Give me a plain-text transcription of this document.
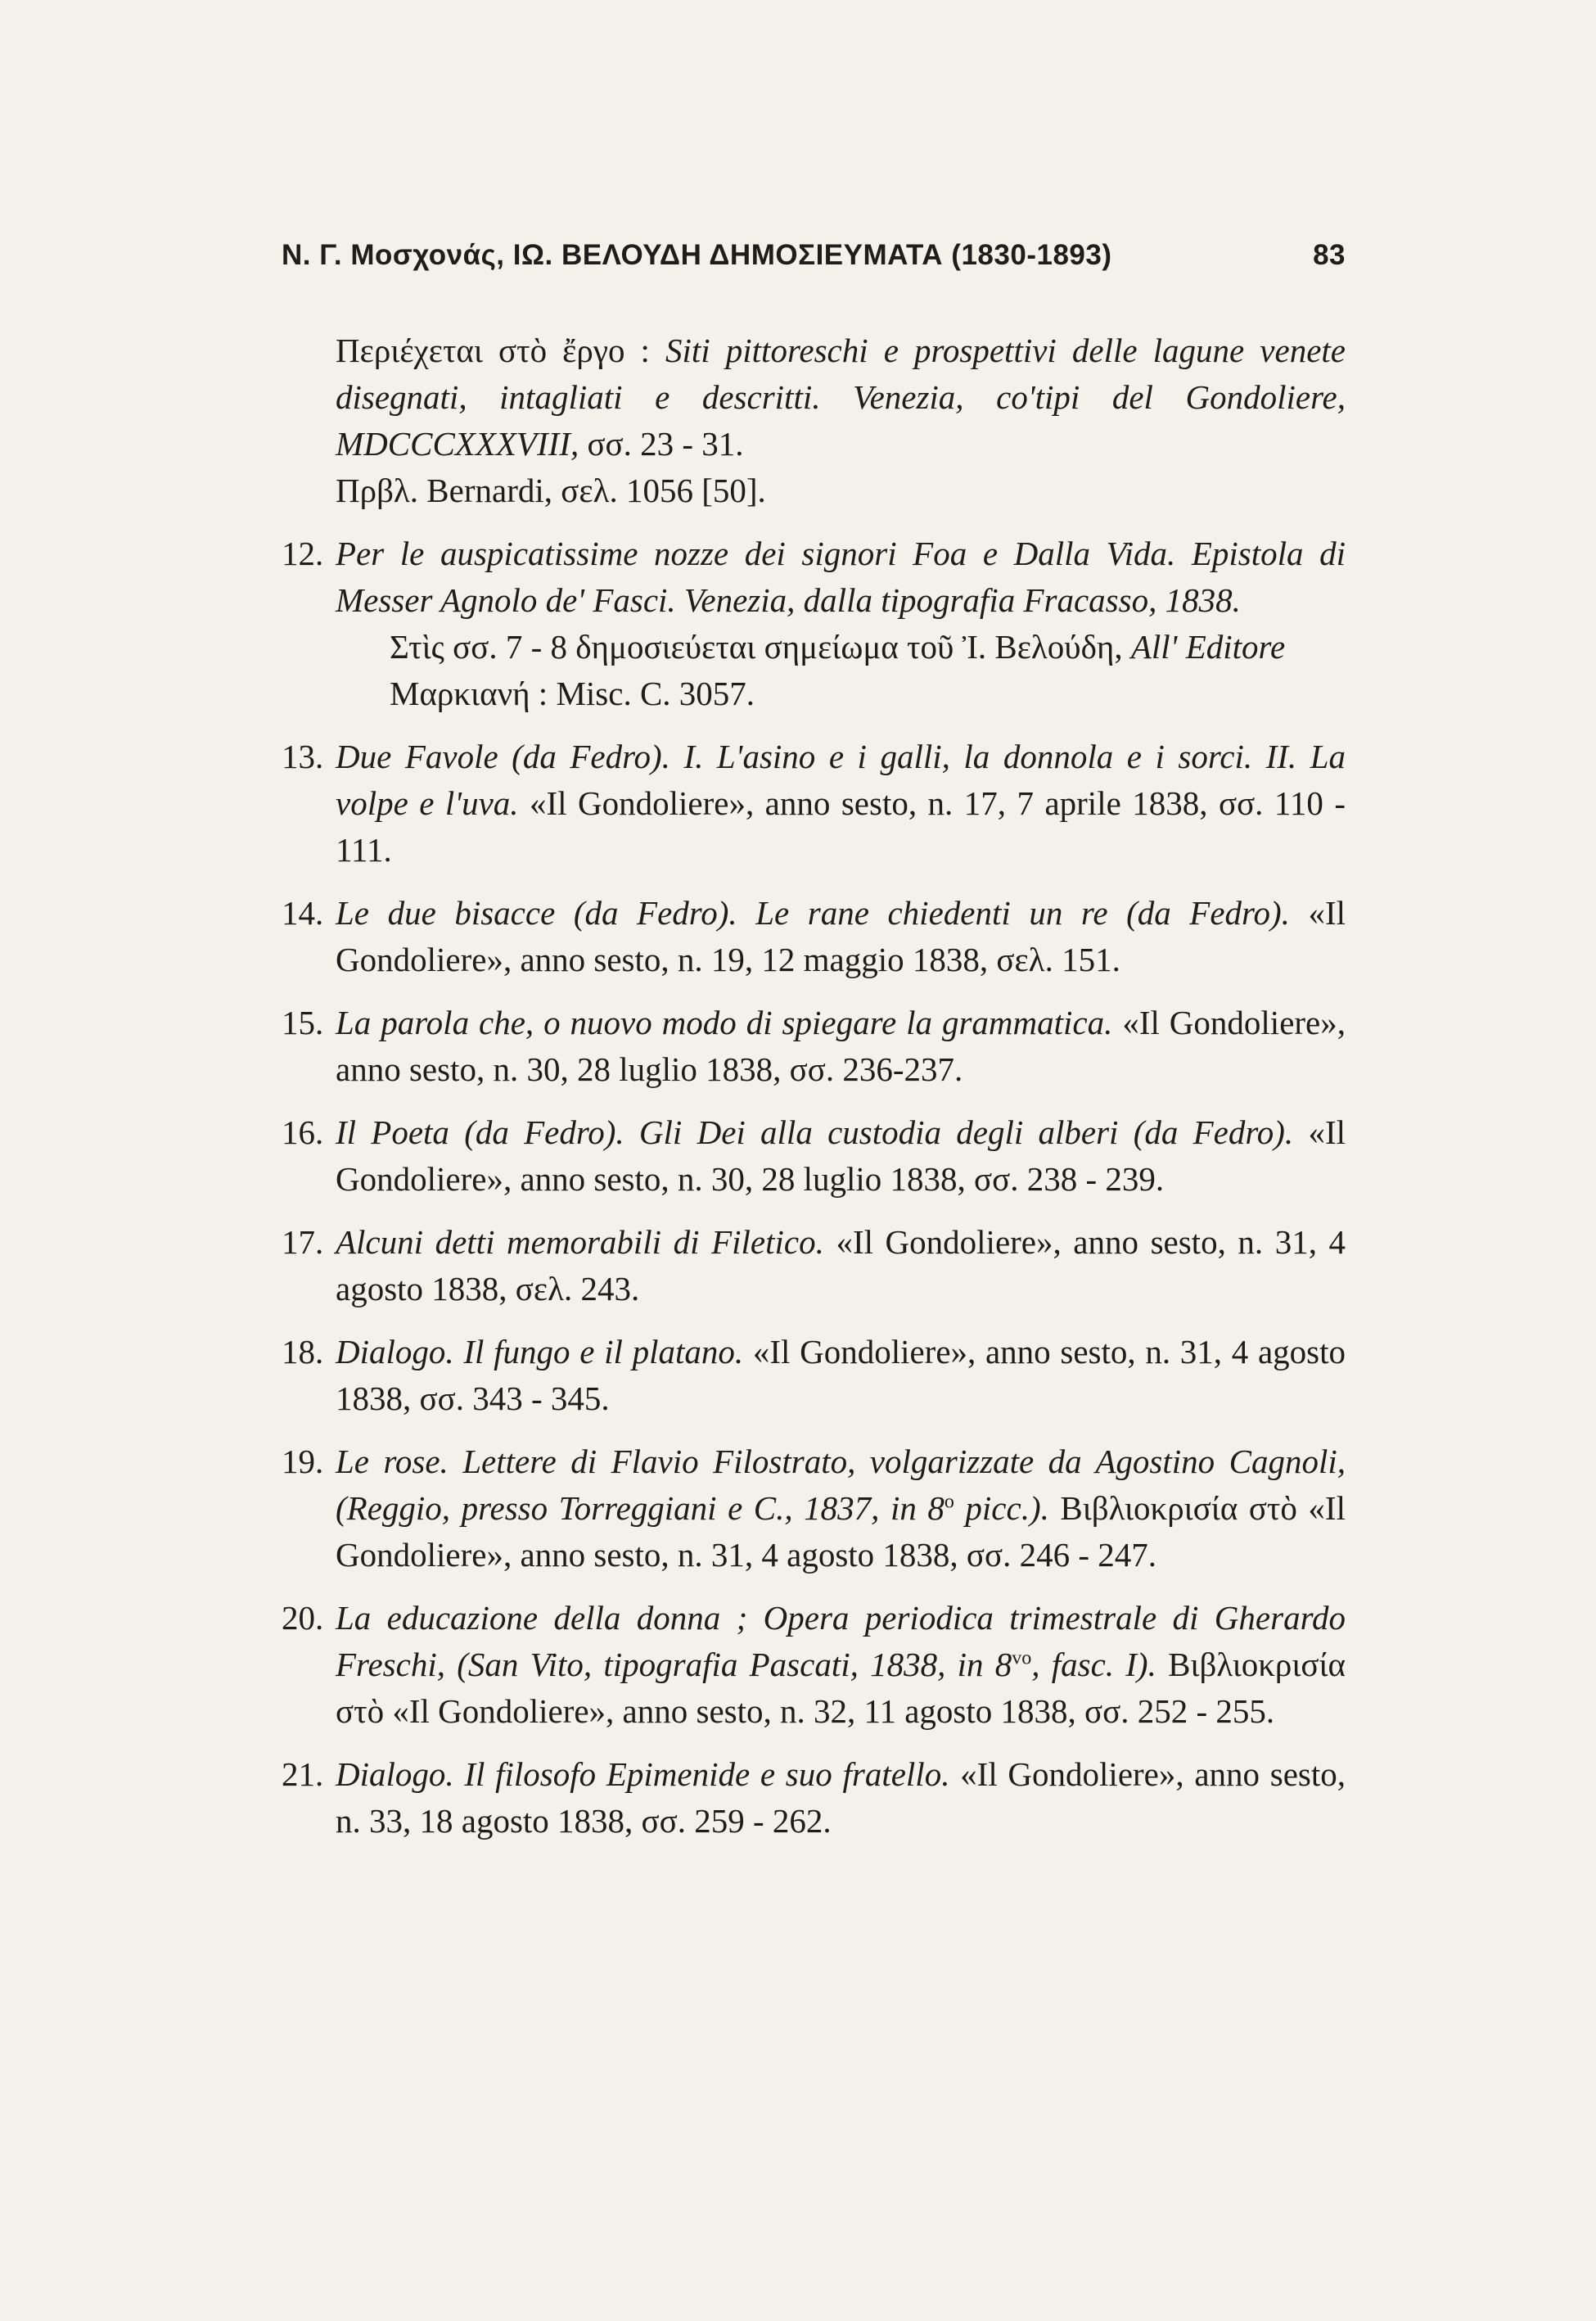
Ν. Γ. Μοσχονάς, ΙΩ. ΒΕΛΟΥΔΗ ΔΗΜΟΣΙΕΥΜΑΤΑ (1830-1893)	83

Περιέχεται στὸ ἔργο : Siti pittoreschi e prospettivi delle lagune venete disegnati, intagliati e descritti. Venezia, co'tipi del Gondoliere, MDCCCXXXVIII, σσ. 23 - 31.

Πρβλ. Bernardi, σελ. 1056 [50].

12. Per le auspicatissime nozze dei signori Foa e Dalla Vida. Epistola di Messer Agnolo de' Fasci. Venezia, dalla tipografia Fracasso, 1838.

Στὶς σσ. 7 - 8 δημοσιεύεται σημείωμα τοῦ Ἰ. Βελούδη, All' Editore

Μαρκιανή : Misc. C. 3057.

13. Due Favole (da Fedro). I. L'asino e i galli, la donnola e i sorci. II. La volpe e l'uva. «Il Gondoliere», anno sesto, n. 17, 7 aprile 1838, σσ. 110 - 111.

14. Le due bisacce (da Fedro). Le rane chiedenti un re (da Fedro). «Il Gondoliere», anno sesto, n. 19, 12 maggio 1838, σελ. 151.

15. La parola che, o nuovo modo di spiegare la grammatica. «Il Gondoliere», anno sesto, n. 30, 28 luglio 1838, σσ. 236-237.

16. Il Poeta (da Fedro). Gli Dei alla custodia degli alberi (da Fedro). «Il Gondoliere», anno sesto, n. 30, 28 luglio 1838, σσ. 238 - 239.

17. Alcuni detti memorabili di Filetico. «Il Gondoliere», anno sesto, n. 31, 4 agosto 1838, σελ. 243.

18. Dialogo. Il fungo e il platano. «Il Gondoliere», anno sesto, n. 31, 4 agosto 1838, σσ. 343 - 345.

19. Le rose. Lettere di Flavio Filostrato, volgarizzate da Agostino Cagnoli, (Reggio, presso Torreggiani e C., 1837, in 8$^o$ picc.). Βιβλιοκρισία στὸ «Il Gondoliere», anno sesto, n. 31, 4 agosto 1838, σσ. 246 - 247.

20. La educazione della donna ; Opera periodica trimestrale di Gherardo Freschi, (San Vito, tipografia Pascati, 1838, in $8^{vo}$, fasc. I). Βιβλιοκρισία στὸ «Il Gondoliere», anno sesto, n. 32, 11 agosto 1838, σσ. 252 - 255.

21. Dialogo. Il filosofo Epimenide e suo fratello. «Il Gondoliere», anno sesto, n. 33, 18 agosto 1838, σσ. 259 - 262.
